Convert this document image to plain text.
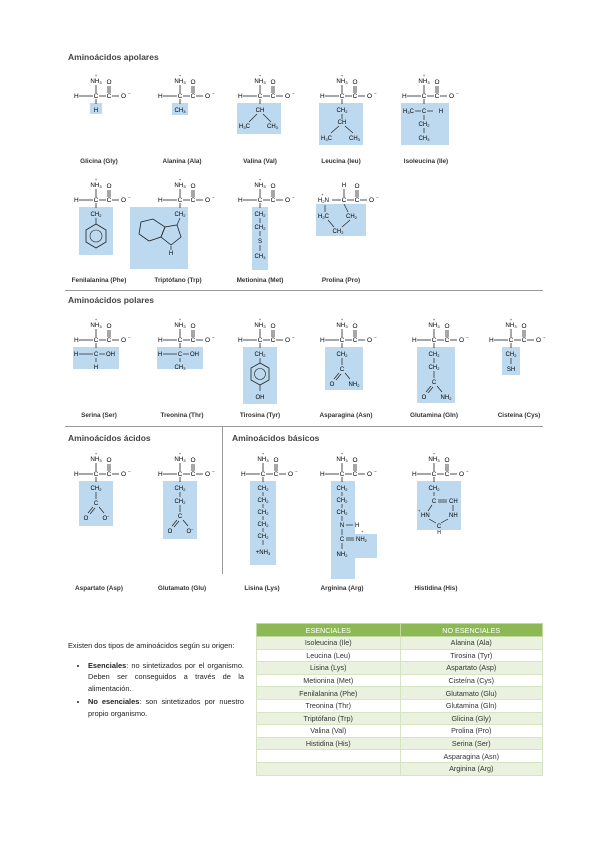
Aminoácidos apolares
H
Glicina (Gly)
CH3
Alanina (Ala)
CH
H3C	CH3
Valina (Val)
CH2
CH
H3C	CH3
Leucina (leu)
H3C C H
CH2
CH3
Isoleucina (Ile)
CH2
Fenilalanina (Phe)
CH2
H
Triptófano (Trp)
CH2
CH2
S
CH3
Metionina (Met)
H
H2N
+
C C
O
O −
H2C	CH2
CH2
Prolina (Pro)
Aminoácidos polares
H	C OH
H
Serina (Ser)
H	C OH
CH3
Treonina (Thr)
CH2
OH
Tirosina (Tyr)
CH2
C
O NH2
Asparagina (Asn)
CH2
CH2
C
O NH2
Glutamina (Gln)
CH2
SH
Cisteína (Cys)
Aminoácidos ácidos
CH2
C
O O−
Aspartato (Asp)
CH2
CH2
C
O O−
Glutamato (Glu)
Aminoácidos básicos
CH2
CH2
CH2
CH2
CH2
+NH3
Lisina (Lys)
CH2
CH2
CH2
N H
C NH2
+
NH2
Arginina (Arg)
CH2
C CH
HN	NH
+
C
H
Histidina (His)

Existen dos tipos de aminoácidos según su origen:

• Esenciales: no sintetizados por el organismo. Deben ser conseguidos a través de la alimentación.
• No esenciales: son sintetizados por nuestro propio organismo.
ESENCIALES	NO ESENCIALES
Isoleucina (Ile)	Alanina (Ala)
Leucina (Leu)	Tirosina (Tyr)
Lisina (Lys)	Aspartato (Asp)
Metionina (Met)	Cisteína (Cys)
Fenilalanina (Phe)	Glutamato (Glu)
Treonina (Thr)	Glutamina (Gln)
Triptófano (Trp)	Glicina (Gly)
Valina (Val)	Prolina (Pro)
Histidina (His)	Serina (Ser)
	Asparagina (Asn)
	Arginina (Arg)
